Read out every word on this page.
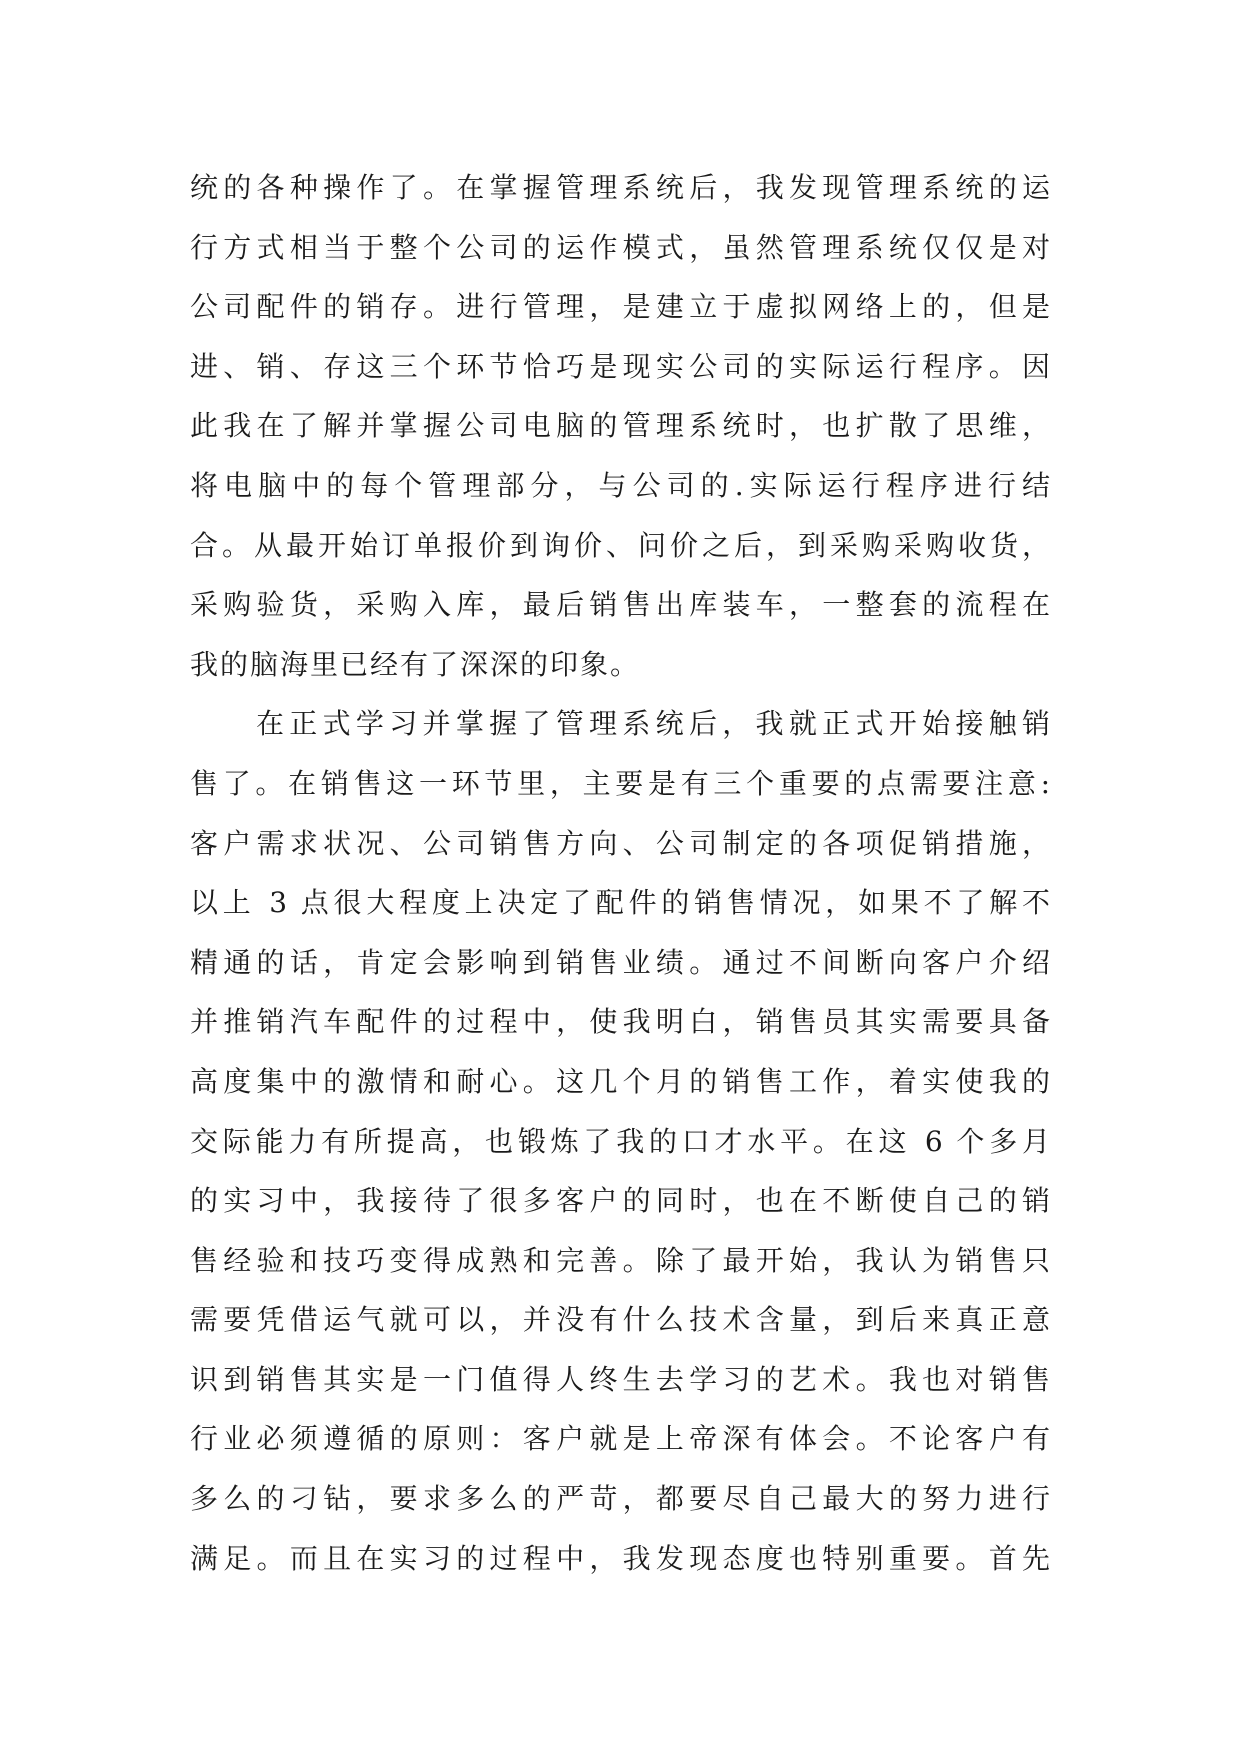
统的各种操作了。在掌握管理系统后，我发现管理系统的运
行方式相当于整个公司的运作模式，虽然管理系统仅仅是对
公司配件的销存。进行管理，是建立于虚拟网络上的，但是
进、销、存这三个环节恰巧是现实公司的实际运行程序。因
此我在了解并掌握公司电脑的管理系统时，也扩散了思维，
将电脑中的每个管理部分，与公司的.实际运行程序进行结
合。从最开始订单报价到询价、问价之后，到采购采购收货，
采购验货，采购入库，最后销售出库装车，一整套的流程在
我的脑海里已经有了深深的印象。
在正式学习并掌握了管理系统后，我就正式开始接触销
售了。在销售这一环节里，主要是有三个重要的点需要注意:
客户需求状况、公司销售方向、公司制定的各项促销措施，
以上 3 点很大程度上决定了配件的销售情况，如果不了解不
精通的话，肯定会影响到销售业绩。通过不间断向客户介绍
并推销汽车配件的过程中，使我明白，销售员其实需要具备
高度集中的激情和耐心。这几个月的销售工作，着实使我的
交际能力有所提高，也锻炼了我的口才水平。在这 6 个多月
的实习中，我接待了很多客户的同时，也在不断使自己的销
售经验和技巧变得成熟和完善。除了最开始，我认为销售只
需要凭借运气就可以，并没有什么技术含量，到后来真正意
识到销售其实是一门值得人终生去学习的艺术。我也对销售
行业必须遵循的原则：客户就是上帝深有体会。不论客户有
多么的刁钻，要求多么的严苛，都要尽自己最大的努力进行
满足。而且在实习的过程中，我发现态度也特别重要。首先
